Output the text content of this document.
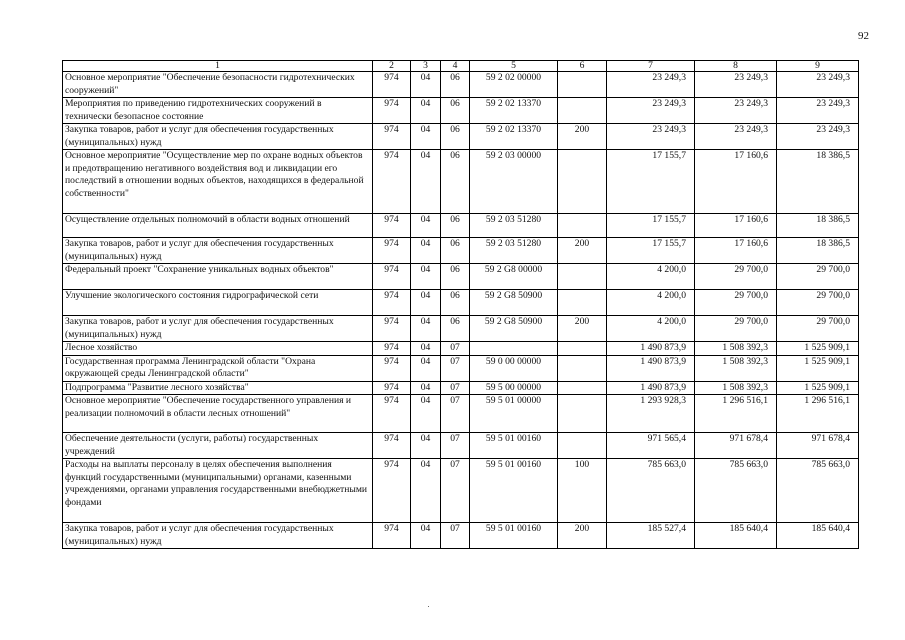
92
1	2	3	4	5	6	7	8	9
Основное мероприятие "Обеспечение безопасности гидротехнических сооружений"	974	04	06	59 2 02 00000		23 249,3	23 249,3	23 249,3
Мероприятия по приведению гидротехнических сооружений в технически безопасное состояние	974	04	06	59 2 02 13370		23 249,3	23 249,3	23 249,3
Закупка товаров, работ и услуг для обеспечения государственных (муниципальных) нужд	974	04	06	59 2 02 13370	200	23 249,3	23 249,3	23 249,3
Основное мероприятие "Осуществление мер по охране водных объектов и предотвращению негативного воздействия вод и ликвидации его последствий в отношении водных объектов, находящихся в федеральной собственности"	974	04	06	59 2 03 00000		17 155,7	17 160,6	18 386,5
Осуществление отдельных полномочий в области водных отношений	974	04	06	59 2 03 51280		17 155,7	17 160,6	18 386,5
Закупка товаров, работ и услуг для обеспечения государственных (муниципальных) нужд	974	04	06	59 2 03 51280	200	17 155,7	17 160,6	18 386,5
Федеральный проект "Сохранение уникальных водных объектов"	974	04	06	59 2 G8 00000		4 200,0	29 700,0	29 700,0
Улучшение экологического состояния гидрографической сети	974	04	06	59 2 G8 50900		4 200,0	29 700,0	29 700,0
Закупка товаров, работ и услуг для обеспечения государственных (муниципальных) нужд	974	04	06	59 2 G8 50900	200	4 200,0	29 700,0	29 700,0
Лесное хозяйство	974	04	07			1 490 873,9	1 508 392,3	1 525 909,1
Государственная программа Ленинградской области "Охрана окружающей среды Ленинградской области"	974	04	07	59 0 00 00000		1 490 873,9	1 508 392,3	1 525 909,1
Подпрограмма "Развитие лесного хозяйства"	974	04	07	59 5 00 00000		1 490 873,9	1 508 392,3	1 525 909,1
Основное мероприятие "Обеспечение государственного управления и реализации полномочий в области лесных отношений"	974	04	07	59 5 01 00000		1 293 928,3	1 296 516,1	1 296 516,1
Обеспечение деятельности (услуги, работы) государственных учреждений	974	04	07	59 5 01 00160		971 565,4	971 678,4	971 678,4
Расходы на выплаты персоналу в целях обеспечения выполнения функций государственными (муниципальными) органами, казенными учреждениями, органами управления государственными внебюджетными фондами	974	04	07	59 5 01 00160	100	785 663,0	785 663,0	785 663,0
Закупка товаров, работ и услуг для обеспечения государственных (муниципальных) нужд	974	04	07	59 5 01 00160	200	185 527,4	185 640,4	185 640,4
